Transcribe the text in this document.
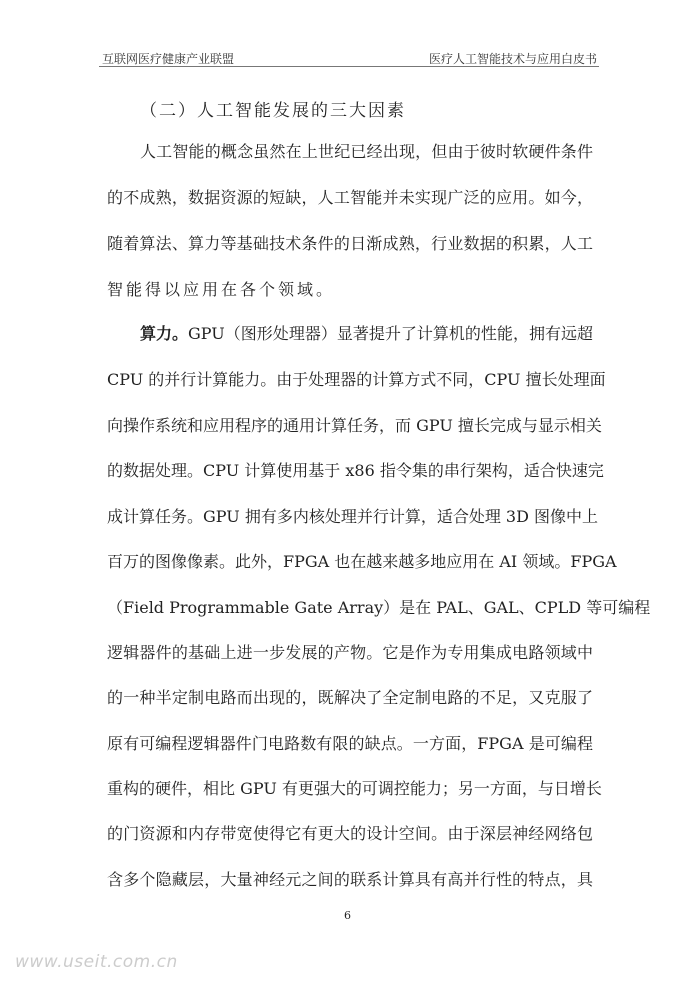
互联网医疗健康产业联盟	医疗人工智能技术与应用白皮书
（二）人工智能发展的三大因素
人工智能的概念虽然在上世纪已经出现，但由于彼时软硬件条件
的不成熟，数据资源的短缺，人工智能并未实现广泛的应用。如今，
随着算法、算力等基础技术条件的日渐成熟，行业数据的积累，人工
智能得以应用在各个领域。
算力。 GPU（图形处理器）显著提升了计算机的性能，拥有远超
CPU 的并行计算能力。由于处理器的计算方式不同，CPU 擅长处理面
向操作系统和应用程序的通用计算任务，而 GPU 擅长完成与显示相关
的数据处理。CPU 计算使用基于 x86 指令集的串行架构，适合快速完
成计算任务。GPU 拥有多内核处理并行计算，适合处理 3D 图像中上
百万的图像像素。此外，FPGA 也在越来越多地应用在 AI 领域。FPGA
（Field Programmable Gate Array）是在 PAL、GAL、CPLD 等可编程
逻辑器件的基础上进一步发展的产物。它是作为专用集成电路领域中
的一种半定制电路而出现的，既解决了全定制电路的不足，又克服了
原有可编程逻辑器件门电路数有限的缺点。一方面，FPGA 是可编程
重构的硬件，相比 GPU 有更强大的可调控能力；另一方面，与日增长
的门资源和内存带宽使得它有更大的设计空间。由于深层神经网络包
含多个隐藏层，大量神经元之间的联系计算具有高并行性的特点，具
6
www.useit.com.cn
